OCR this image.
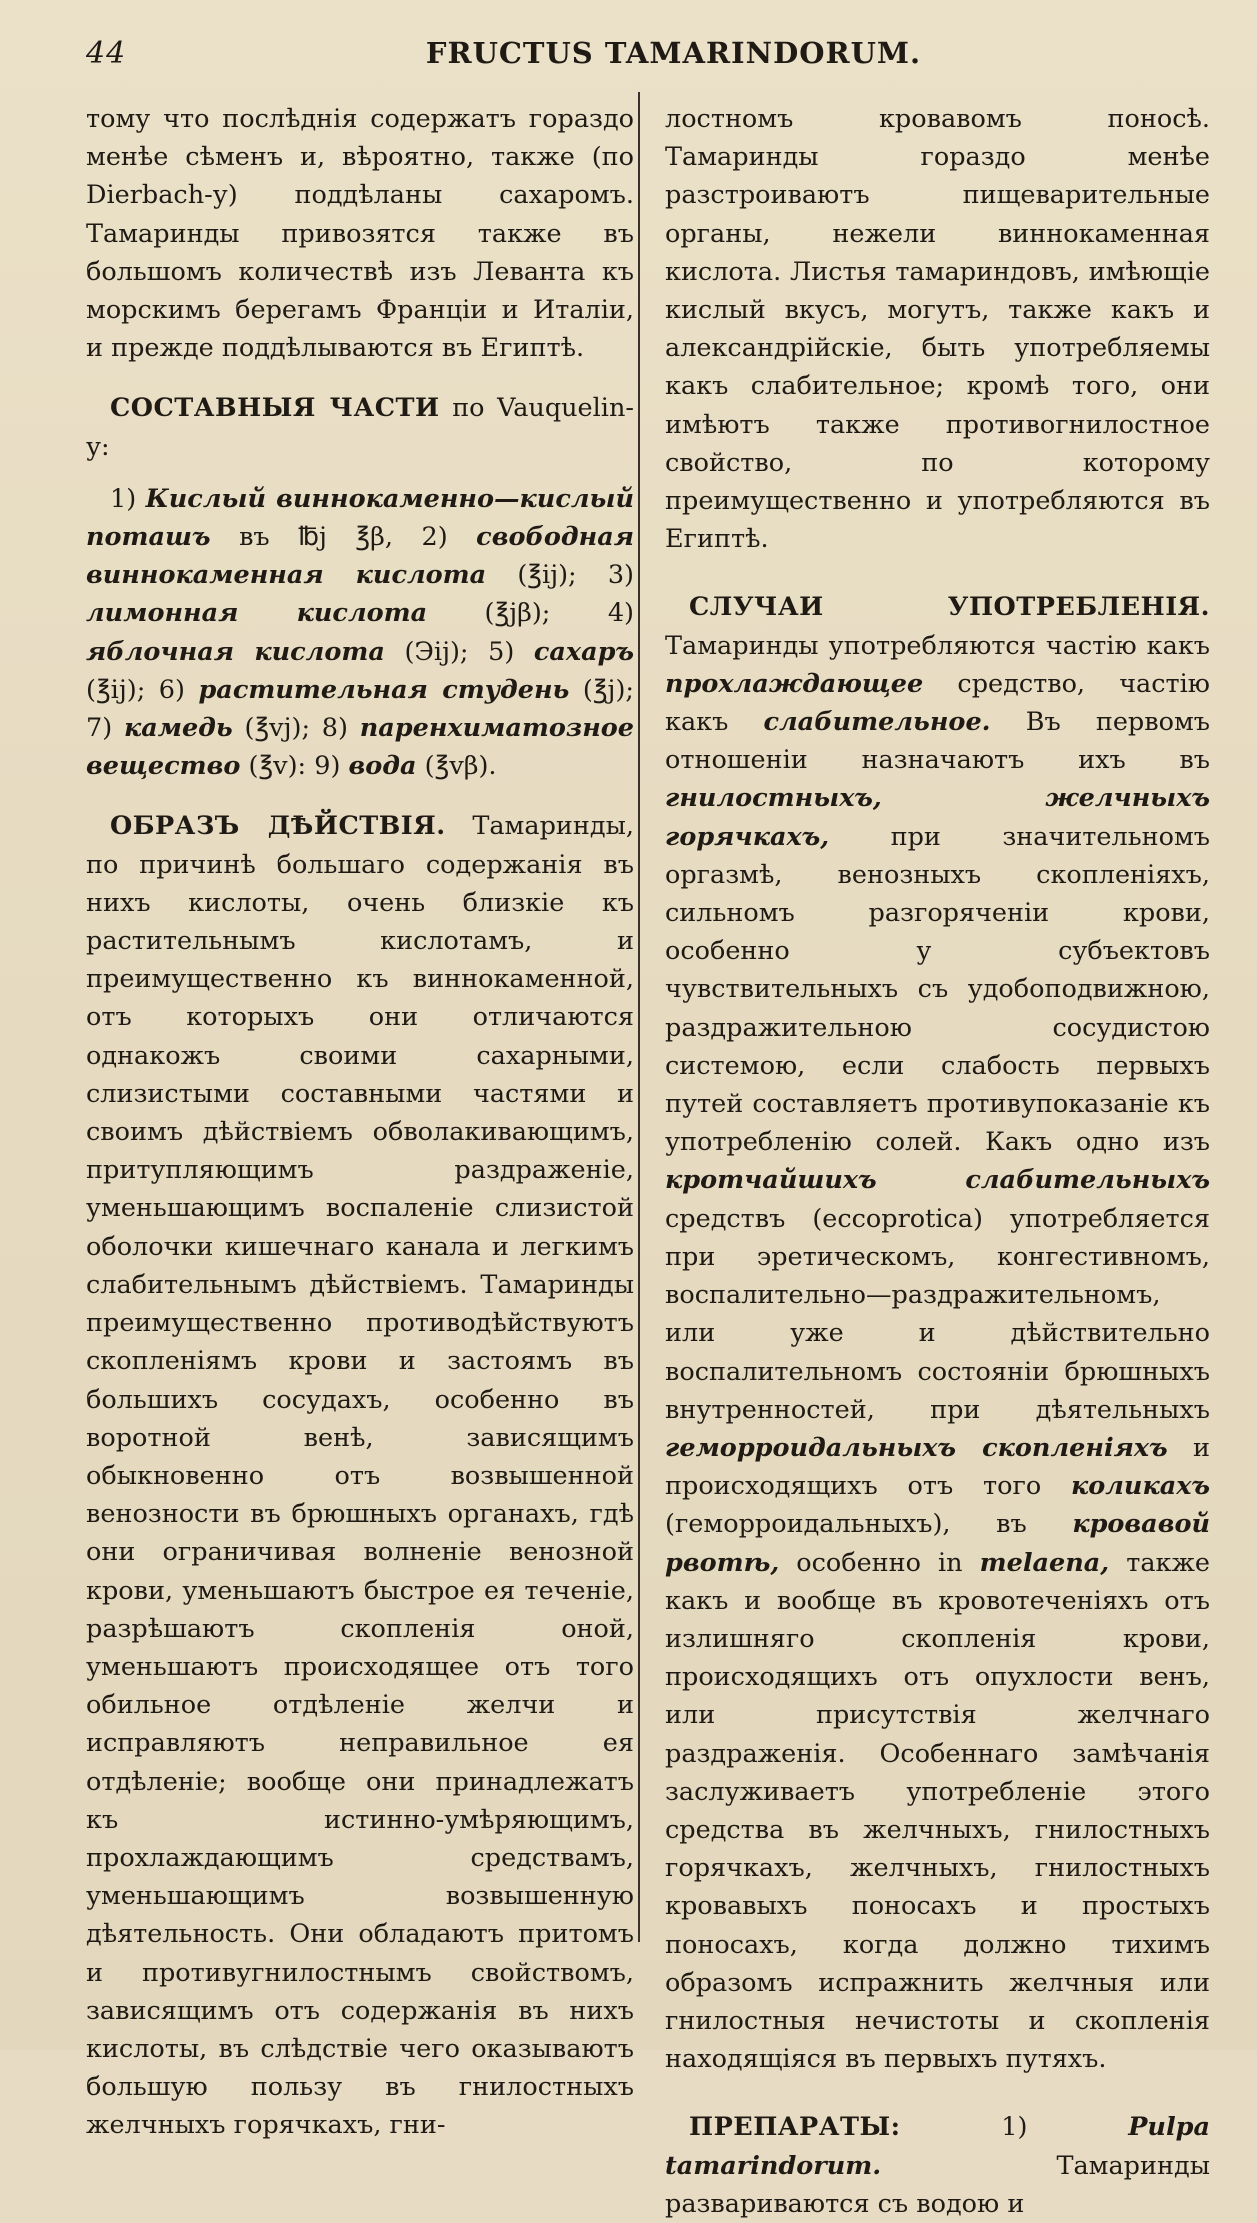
44	FRUCTUS TAMARINDORUM.

тому что послѣднія содержатъ гораздо менѣе сѣменъ и, вѣроятно, также (по Dierbach-у) поддѣланы сахаромъ. Тамаринды привозятся также въ большомъ количествѣ изъ Леванта къ морскимъ берегамъ Франціи и Италіи, и прежде поддѣлываются въ Египтѣ.

СОСТАВНЫЯ ЧАСТИ по Vauquelin-у:

1) Кислый виннокаменно—кислый поташъ въ ℔j ℥β, 2) свободная виннокаменная кислота (℥ij); 3) лимонная кислота (℥jβ); 4) яблочная кислота (Эij); 5) сахаръ (℥ij); 6) растительная студень (℥j); 7) камедь (℥vj); 8) паренхиматозное вещество (℥v): 9) вода (℥vβ).

ОБРАЗЪ ДѢЙСТВІЯ. Тамаринды, по причинѣ большаго содержанія въ нихъ кислоты, очень близкіе къ растительнымъ кислотамъ, и преимущественно къ виннокаменной, отъ которыхъ они отличаются однакожъ своими сахарными, слизистыми составными частями и своимъ дѣйствіемъ обволакивающимъ, притупляющимъ раздраженіе, уменьшающимъ воспаленіе слизистой оболочки кишечнаго канала и легкимъ слабительнымъ дѣйствіемъ. Тамаринды преимущественно противодѣйствуютъ скопленіямъ крови и застоямъ въ большихъ сосудахъ, особенно въ воротной венѣ, зависящимъ обыкновенно отъ возвышенной венозности въ брюшныхъ органахъ, гдѣ они ограничивая волненіе венозной крови, уменьшаютъ быстрое ея теченіе, разрѣшаютъ скопленія оной, уменьшаютъ происходящее отъ того обильное отдѣленіе желчи и исправляютъ неправильное ея отдѣленіе; вообще они принадлежатъ къ истинно-умѣряющимъ, прохлаждающимъ средствамъ, уменьшающимъ возвышенную дѣятельность. Они обладаютъ притомъ и противугнилостнымъ свойствомъ, зависящимъ отъ содержанія въ нихъ кислоты, въ слѣдствіе чего оказываютъ большую пользу въ гнилостныхъ желчныхъ горячкахъ, гни-

лостномъ кровавомъ поносѣ. Тамаринды гораздо менѣе разстроиваютъ пищеварительные органы, нежели виннокаменная кислота. Листья тамариндовъ, имѣющіе кислый вкусъ, могутъ, также какъ и александрійскіе, быть употребляемы какъ слабительное; кромѣ того, они имѣютъ также противогнилостное свойство, по которому преимущественно и употребляются въ Египтѣ.

СЛУЧАИ УПОТРЕБЛЕНІЯ. Тамаринды употребляются частію какъ прохлаждающее средство, частію какъ слабительное. Въ первомъ отношеніи назначаютъ ихъ въ гнилостныхъ, желчныхъ горячкахъ, при значительномъ оргазмѣ, венозныхъ скопленіяхъ, сильномъ разгоряченіи крови, особенно у субъектовъ чувствительныхъ съ удобоподвижною, раздражительною сосудистою системою, если слабость первыхъ путей составляетъ противупоказаніе къ употребленію солей. Какъ одно изъ кротчайшихъ слабительныхъ средствъ (eccoprotica) употребляется при эретическомъ, конгестивномъ, воспалительно—раздражительномъ, или уже и дѣйствительно воспалительномъ состояніи брюшныхъ внутренностей, при дѣятельныхъ геморроидальныхъ скопленіяхъ и происходящихъ отъ того коликахъ (геморроидальныхъ), въ кровавой рвотѣ, особенно in melaena, также какъ и вообще въ кровотеченіяхъ отъ излишняго скопленія крови, происходящихъ отъ опухлости венъ, или присутствія желчнаго раздраженія. Особеннаго замѣчанія заслуживаетъ употребленіе этого средства въ желчныхъ, гнилостныхъ горячкахъ, желчныхъ, гнилостныхъ кровавыхъ поносахъ и простыхъ поносахъ, когда должно тихимъ образомъ испражнить желчныя или гнилостныя нечистоты и скопленія находящіяся въ первыхъ путяхъ.

ПРЕПАРАТЫ:	1)	Pulpa tamarindorum.	Тамаринды развариваются съ водою и
